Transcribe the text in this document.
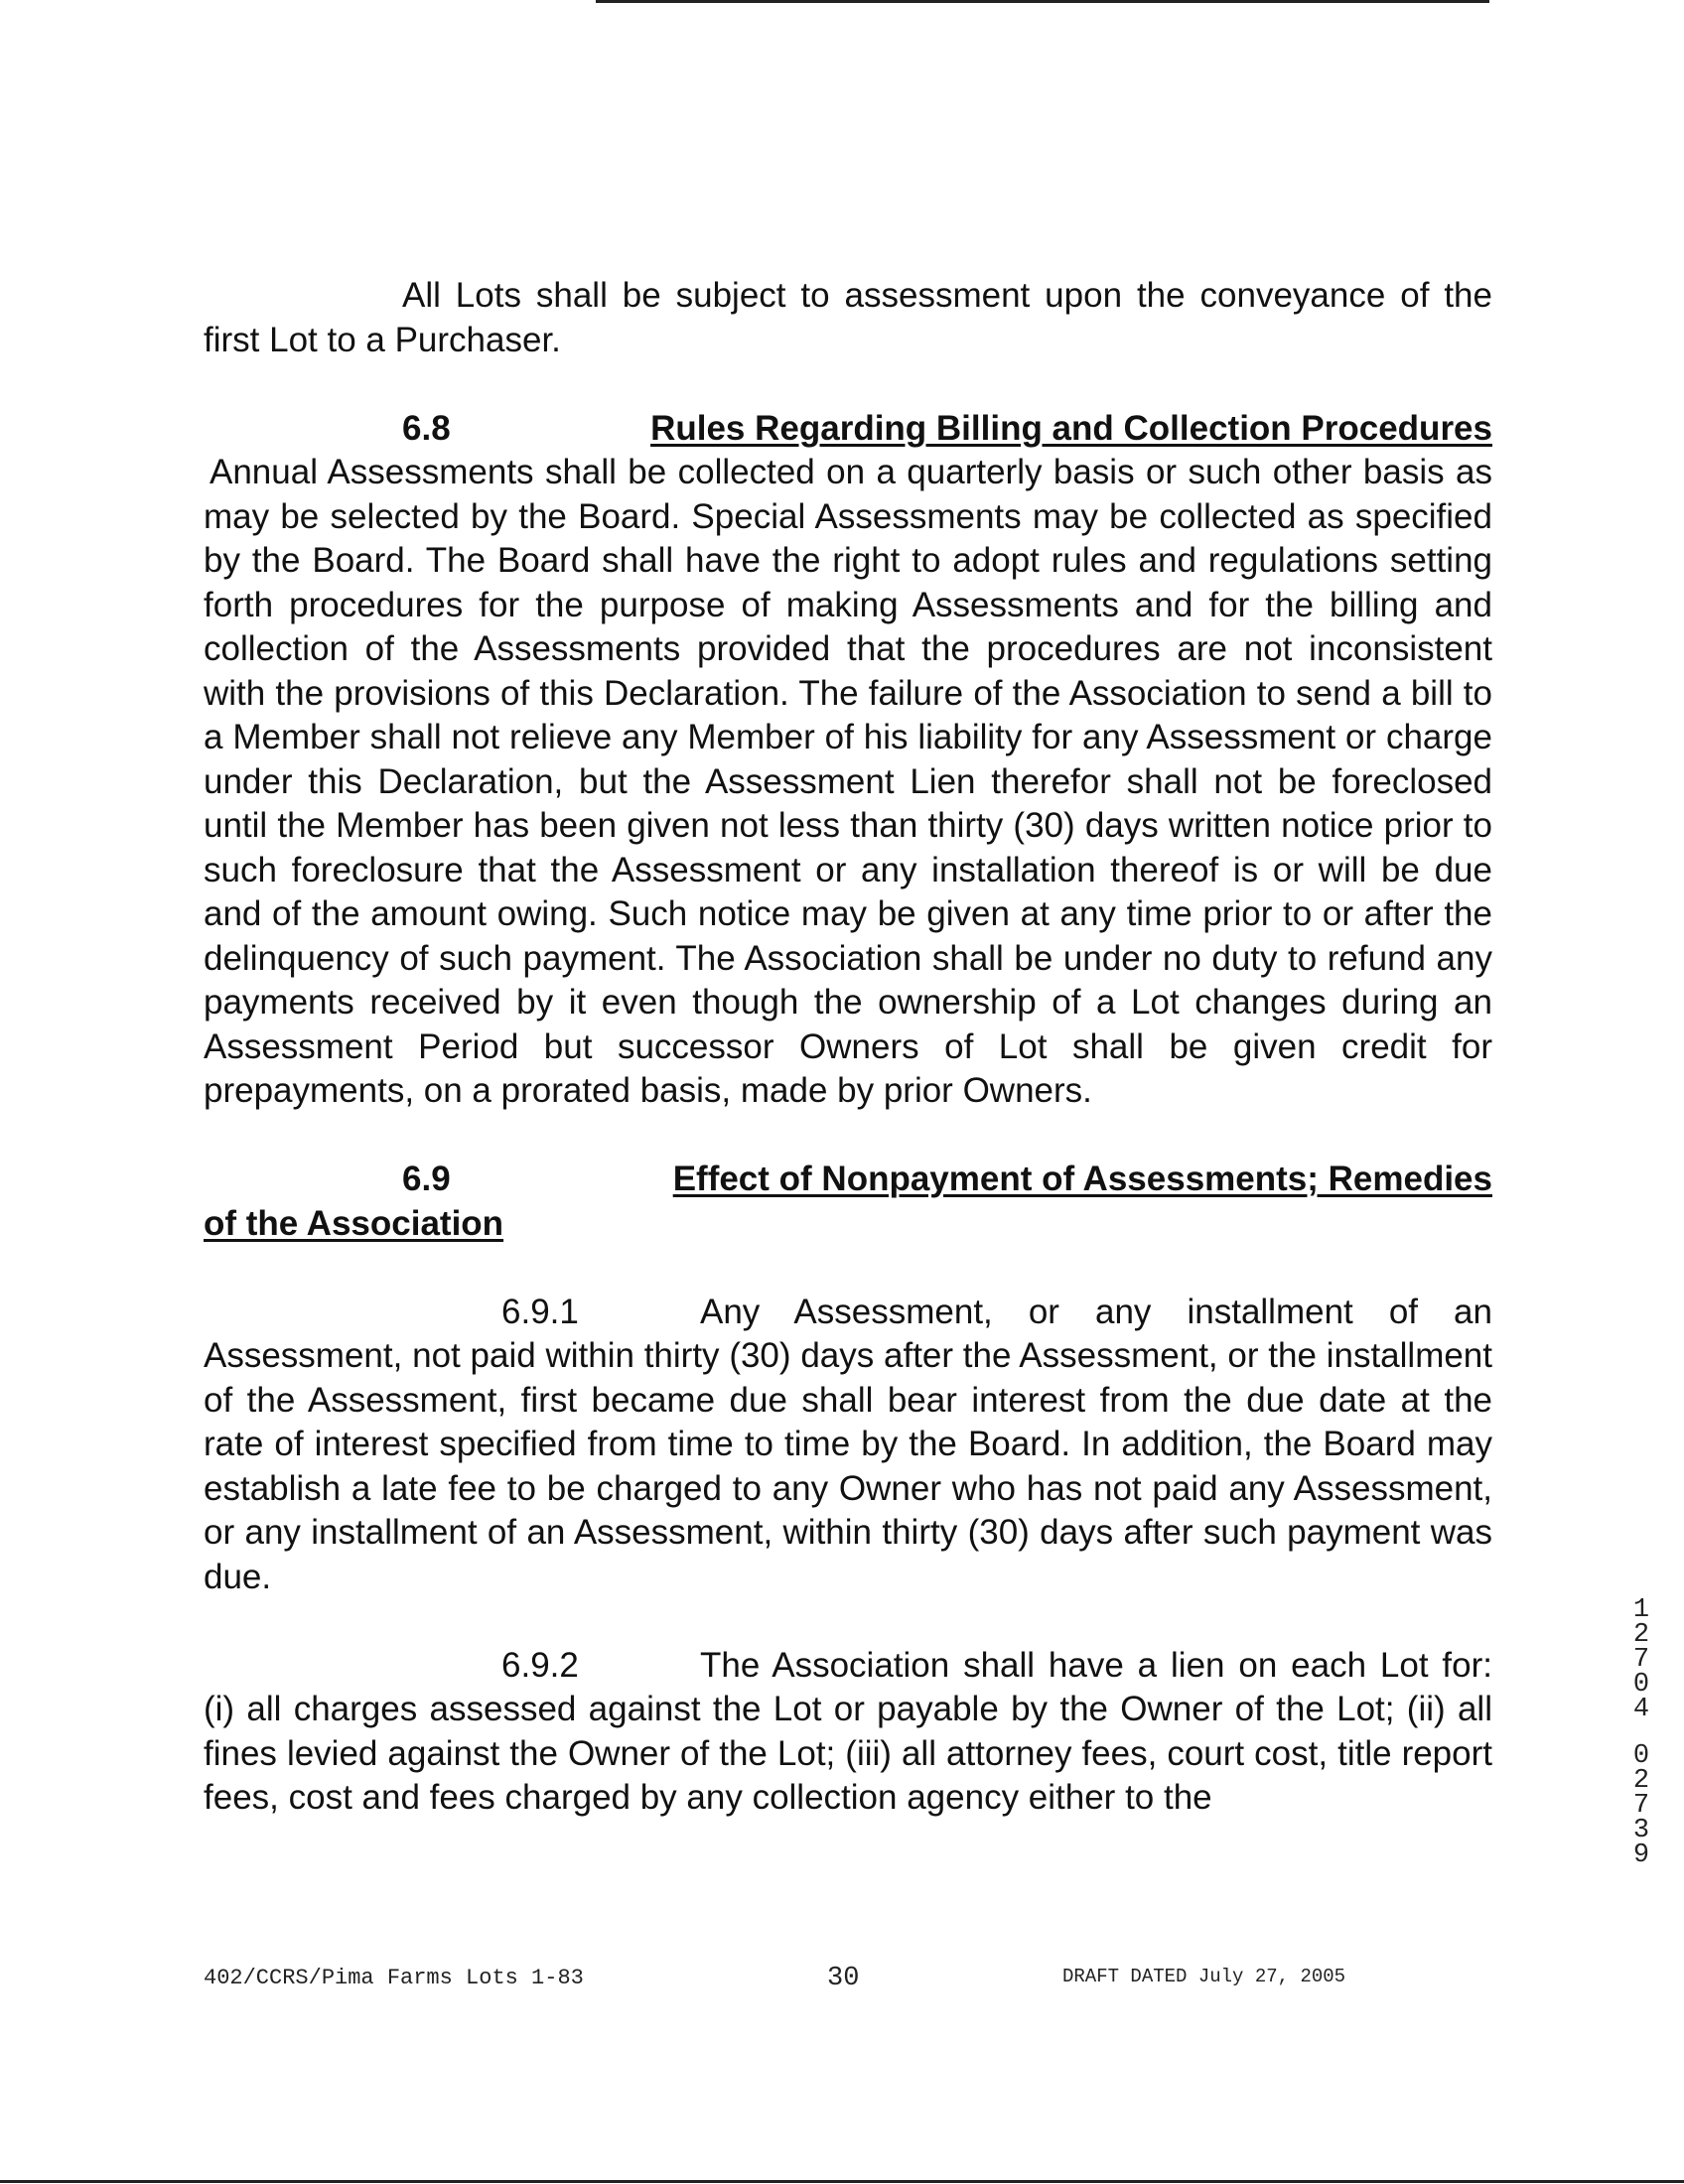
All Lots shall be subject to assessment upon the conveyance of the first Lot to a Purchaser.

6.8	Rules Regarding Billing and Collection Procedures

Annual Assessments shall be collected on a quarterly basis or such other basis as may be selected by the Board. Special Assessments may be collected as specified by the Board. The Board shall have the right to adopt rules and regulations setting forth procedures for the purpose of making Assessments and for the billing and collection of the Assessments provided that the procedures are not inconsistent with the provisions of this Declaration. The failure of the Association to send a bill to a Member shall not relieve any Member of his liability for any Assessment or charge under this Declaration, but the Assessment Lien therefor shall not be foreclosed until the Member has been given not less than thirty (30) days written notice prior to such foreclosure that the Assessment or any installation thereof is or will be due and of the amount owing. Such notice may be given at any time prior to or after the delinquency of such payment. The Association shall be under no duty to refund any payments received by it even though the ownership of a Lot changes during an Assessment Period but successor Owners of Lot shall be given credit for prepayments, on a prorated basis, made by prior Owners.

6.9	Effect of Nonpayment of Assessments; Remedies
of the Association

6.9.1	Any Assessment, or any installment of an Assessment, not paid within thirty (30) days after the Assessment, or the installment of the Assessment, first became due shall bear interest from the due date at the rate of interest specified from time to time by the Board. In addition, the Board may establish a late fee to be charged to any Owner who has not paid any Assessment, or any installment of an Assessment, within thirty (30) days after such payment was due.

6.9.2	The Association shall have a lien on each Lot for: (i) all charges assessed against the Lot or payable by the Owner of the Lot; (ii) all fines levied against the Owner of the Lot; (iii) all attorney fees, court cost, title report fees, cost and fees charged by any collection agency either to the

12704
02739
402/CCRS/Pima Farms Lots 1-83	30	DRAFT DATED July 27, 2005
